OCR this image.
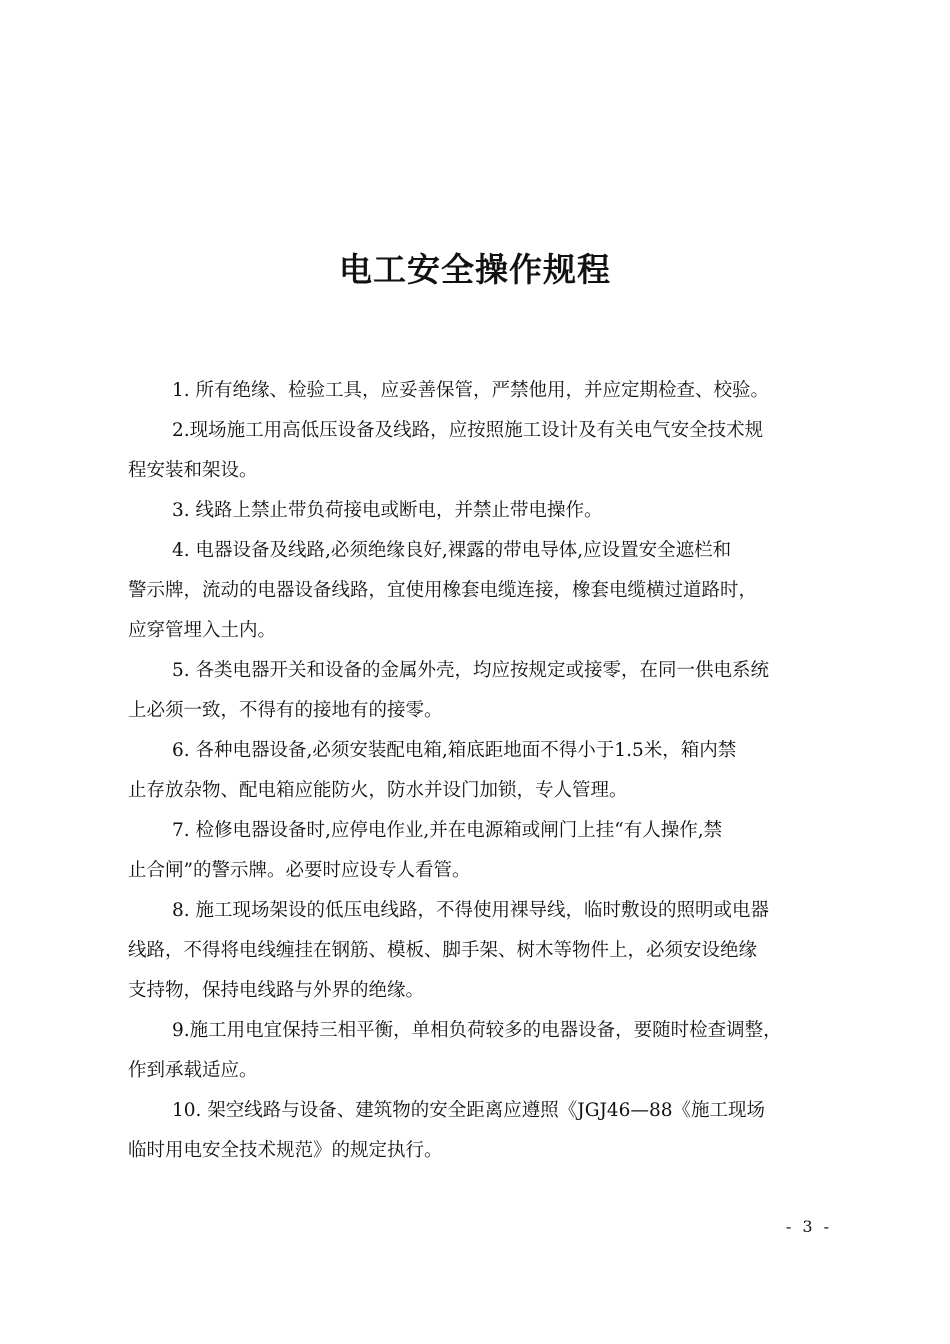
电工安全操作规程
1. 所有绝缘、检验工具，应妥善保管，严禁他用，并应定期检查、校验。
2.现场施工用高低压设备及线路，应按照施工设计及有关电气安全技术规
程安装和架设。
3. 线路上禁止带负荷接电或断电，并禁止带电操作。
4. 电器设备及线路,必须绝缘良好,裸露的带电导体,应设置安全遮栏和
警示牌，流动的电器设备线路，宜使用橡套电缆连接，橡套电缆横过道路时，
应穿管埋入土内。
5. 各类电器开关和设备的金属外壳，均应按规定或接零，在同一供电系统
上必须一致，不得有的接地有的接零。
6. 各种电器设备,必须安装配电箱,箱底距地面不得小于1.5米，箱内禁
止存放杂物、配电箱应能防火，防水并设门加锁，专人管理。
7. 检修电器设备时,应停电作业,并在电源箱或闸门上挂“有人操作,禁
止合闸”的警示牌。必要时应设专人看管。
8. 施工现场架设的低压电线路，不得使用裸导线，临时敷设的照明或电器
线路，不得将电线缠挂在钢筋、模板、脚手架、树木等物件上，必须安设绝缘
支持物，保持电线路与外界的绝缘。
9.施工用电宜保持三相平衡，单相负荷较多的电器设备，要随时检查调整，
作到承载适应。
10. 架空线路与设备、建筑物的安全距离应遵照《JGJ46—88《施工现场
临时用电安全技术规范》的规定执行。
- 3 -
